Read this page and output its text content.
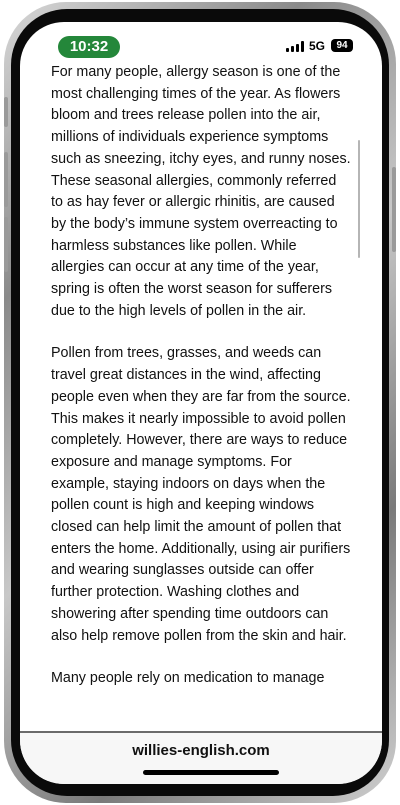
10:32	5G	94

For many people, allergy season is one of the most challenging times of the year. As flowers bloom and trees release pollen into the air, millions of individuals experience symptoms such as sneezing, itchy eyes, and runny noses. These seasonal allergies, commonly referred to as hay fever or allergic rhinitis, are caused by the body’s immune system overreacting to harmless substances like pollen. While allergies can occur at any time of the year, spring is often the worst season for sufferers due to the high levels of pollen in the air.

Pollen from trees, grasses, and weeds can travel great distances in the wind, affecting people even when they are far from the source. This makes it nearly impossible to avoid pollen completely. However, there are ways to reduce exposure and manage symptoms. For example, staying indoors on days when the pollen count is high and keeping windows closed can help limit the amount of pollen that enters the home. Additionally, using air purifiers and wearing sunglasses outside can offer further protection. Washing clothes and showering after spending time outdoors can also help remove pollen from the skin and hair.

Many people rely on medication to manage

willies-english.com
